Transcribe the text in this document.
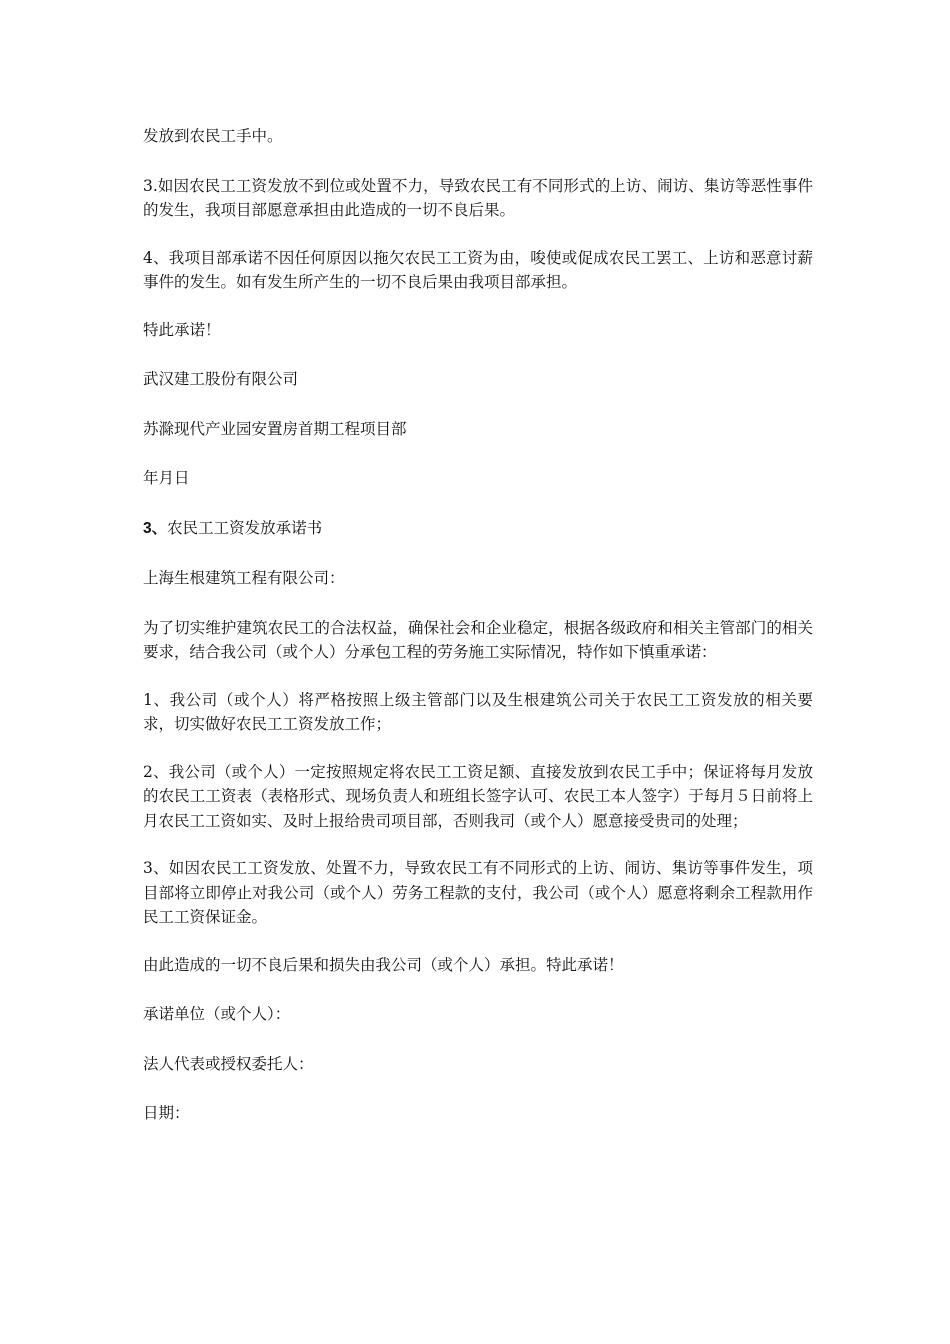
发放到农民工手中。

3.如因农民工工资发放不到位或处置不力，导致农民工有不同形式的上访、闹访、集访等恶性事件的发生，我项目部愿意承担由此造成的一切不良后果。

4、我项目部承诺不因任何原因以拖欠农民工工资为由，唆使或促成农民工罢工、上访和恶意讨薪事件的发生。如有发生所产生的一切不良后果由我项目部承担。

特此承诺！

武汉建工股份有限公司

苏滁现代产业园安置房首期工程项目部

年月日

3、农民工工资发放承诺书

上海生根建筑工程有限公司：

为了切实维护建筑农民工的合法权益，确保社会和企业稳定，根据各级政府和相关主管部门的相关要求，结合我公司（或个人）分承包工程的劳务施工实际情况，特作如下慎重承诺：

1、我公司（或个人）将严格按照上级主管部门以及生根建筑公司关于农民工工资发放的相关要求，切实做好农民工工资发放工作；

2、我公司（或个人）一定按照规定将农民工工资足额、直接发放到农民工手中；保证将每月发放的农民工工资表（表格形式、现场负责人和班组长签字认可、农民工本人签字）于每月５日前将上月农民工工资如实、及时上报给贵司项目部，否则我司（或个人）愿意接受贵司的处理；

3、如因农民工工资发放、处置不力，导致农民工有不同形式的上访、闹访、集访等事件发生，项目部将立即停止对我公司（或个人）劳务工程款的支付，我公司（或个人）愿意将剩余工程款用作民工工资保证金。

由此造成的一切不良后果和损失由我公司（或个人）承担。特此承诺！

承诺单位（或个人）：

法人代表或授权委托人：

日期：
